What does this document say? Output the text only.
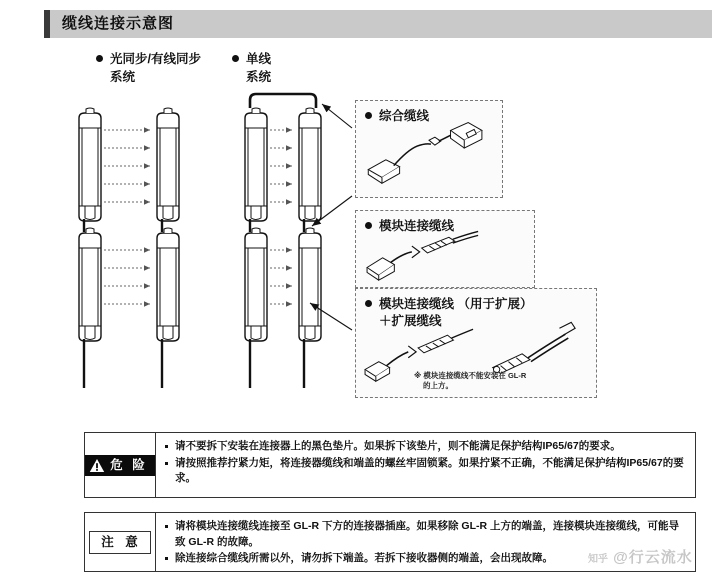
缆线连接示意图
光同步/有线同步
系统
单线
系统
综合缆线
模块连接缆线
模块连接缆线 （用于扩展）
＋扩展缆线
※ 模块连接缆线不能安装在 GL-R
的上方。
危 险
请不要拆下安装在连接器上的黑色垫片。如果拆下该垫片，则不能满足保护结构IP65/67的要求。
请按照推荐拧紧力矩，将连接器缆线和端盖的螺丝牢固锁紧。如果拧紧不正确，不能满足保护结构IP65/67的要求。
注 意
请将模块连接缆线连接至 GL-R 下方的连接器插座。如果移除 GL-R 上方的端盖，连接模块连接缆线，可能导致 GL-R 的故障。
除连接综合缆线所需以外，请勿拆下端盖。若拆下接收器侧的端盖，会出现故障。	知乎 @行云流水
